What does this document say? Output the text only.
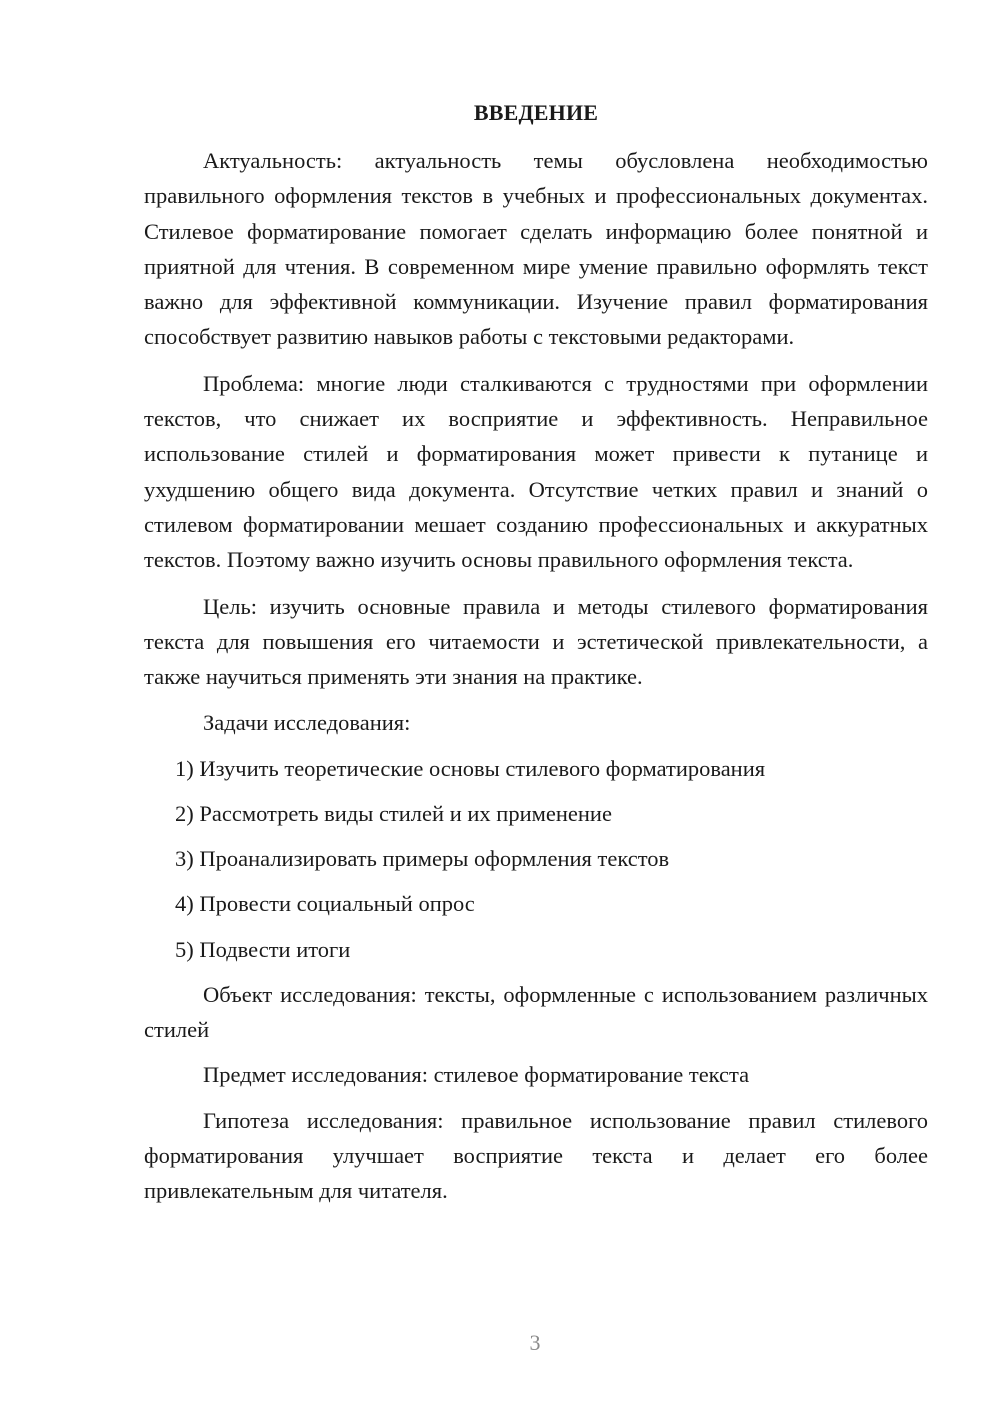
ВВЕДЕНИЕ

Актуальность: актуальность темы обусловлена необходимостью правильного оформления текстов в учебных и профессиональных документах. Стилевое форматирование помогает сделать информацию более понятной и приятной для чтения. В современном мире умение правильно оформлять текст важно для эффективной коммуникации. Изучение правил форматирования способствует развитию навыков работы с текстовыми редакторами.

Проблема: многие люди сталкиваются с трудностями при оформлении текстов, что снижает их восприятие и эффективность. Неправильное использование стилей и форматирования может привести к путанице и ухудшению общего вида документа. Отсутствие четких правил и знаний о стилевом форматировании мешает созданию профессиональных и аккуратных текстов. Поэтому важно изучить основы правильного оформления текста.

Цель: изучить основные правила и методы стилевого форматирования текста для повышения его читаемости и эстетической привлекательности, а также научиться применять эти знания на практике.

Задачи исследования:
1) Изучить теоретические основы стилевого форматирования
2) Рассмотреть виды стилей и их применение
3) Проанализировать примеры оформления текстов
4) Провести социальный опрос
5) Подвести итоги

Объект исследования: тексты, оформленные с использованием различных стилей

Предмет исследования: стилевое форматирование текста

Гипотеза исследования: правильное использование правил стилевого форматирования улучшает восприятие текста и делает его более привлекательным для читателя.

3
